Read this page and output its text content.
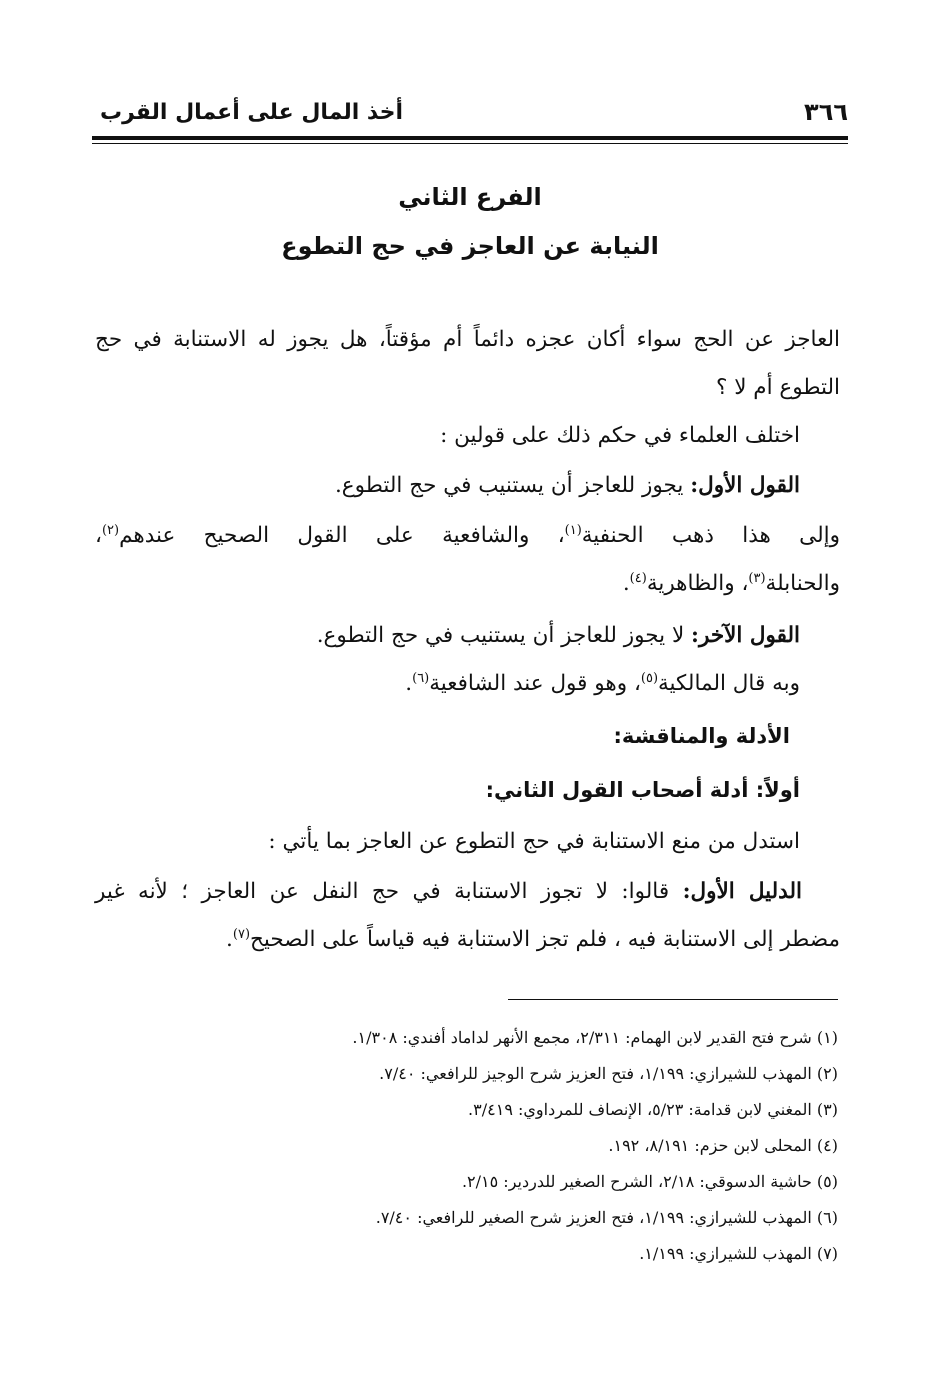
٣٦٦
أخذ المال على أعمال القرب
الفرع الثاني
النيابة عن العاجز في حج التطوع
العاجز عن الحج سواء أكان عجزه دائماً أم مؤقتاً، هل يجوز له الاستنابة في حج
التطوع أم لا ؟
اختلف العلماء في حكم ذلك على قولين :
القول الأول: يجوز للعاجز أن يستنيب في حج التطوع.
وإلى هذا ذهب الحنفية$^{(١)}$، والشافعية على القول الصحيح عندهم$^{(٢)}$،
والحنابلة$^{(٣)}$، والظاهرية$^{(٤)}$.
القول الآخر: لا يجوز للعاجز أن يستنيب في حج التطوع.
وبه قال المالكية$^{(٥)}$، وهو قول عند الشافعية$^{(٦)}$.
الأدلة والمناقشة:
أولاً: أدلة أصحاب القول الثاني:
استدل من منع الاستنابة في حج التطوع عن العاجز بما يأتي :
الدليل الأول: قالوا: لا تجوز الاستنابة في حج النفل عن العاجز ؛ لأنه غير
مضطر إلى الاستنابة فيه ، فلم تجز الاستنابة فيه قياساً على الصحيح$^{(٧)}$.
(١) شرح فتح القدير لابن الهمام: ٢/٣١١، مجمع الأنهر لداماد أفندي: ١/٣٠٨.
(٢) المهذب للشيرازي: ١/١٩٩، فتح العزيز شرح الوجيز للرافعي: ٧/٤٠.
(٣) المغني لابن قدامة: ٥/٢٣، الإنصاف للمرداوي: ٣/٤١٩.
(٤) المحلى لابن حزم: ٨/١٩١، ١٩٢.
(٥) حاشية الدسوقي: ٢/١٨، الشرح الصغير للدردير: ٢/١٥.
(٦) المهذب للشيرازي: ١/١٩٩، فتح العزيز شرح الصغير للرافعي: ٧/٤٠.
(٧) المهذب للشيرازي: ١/١٩٩.
